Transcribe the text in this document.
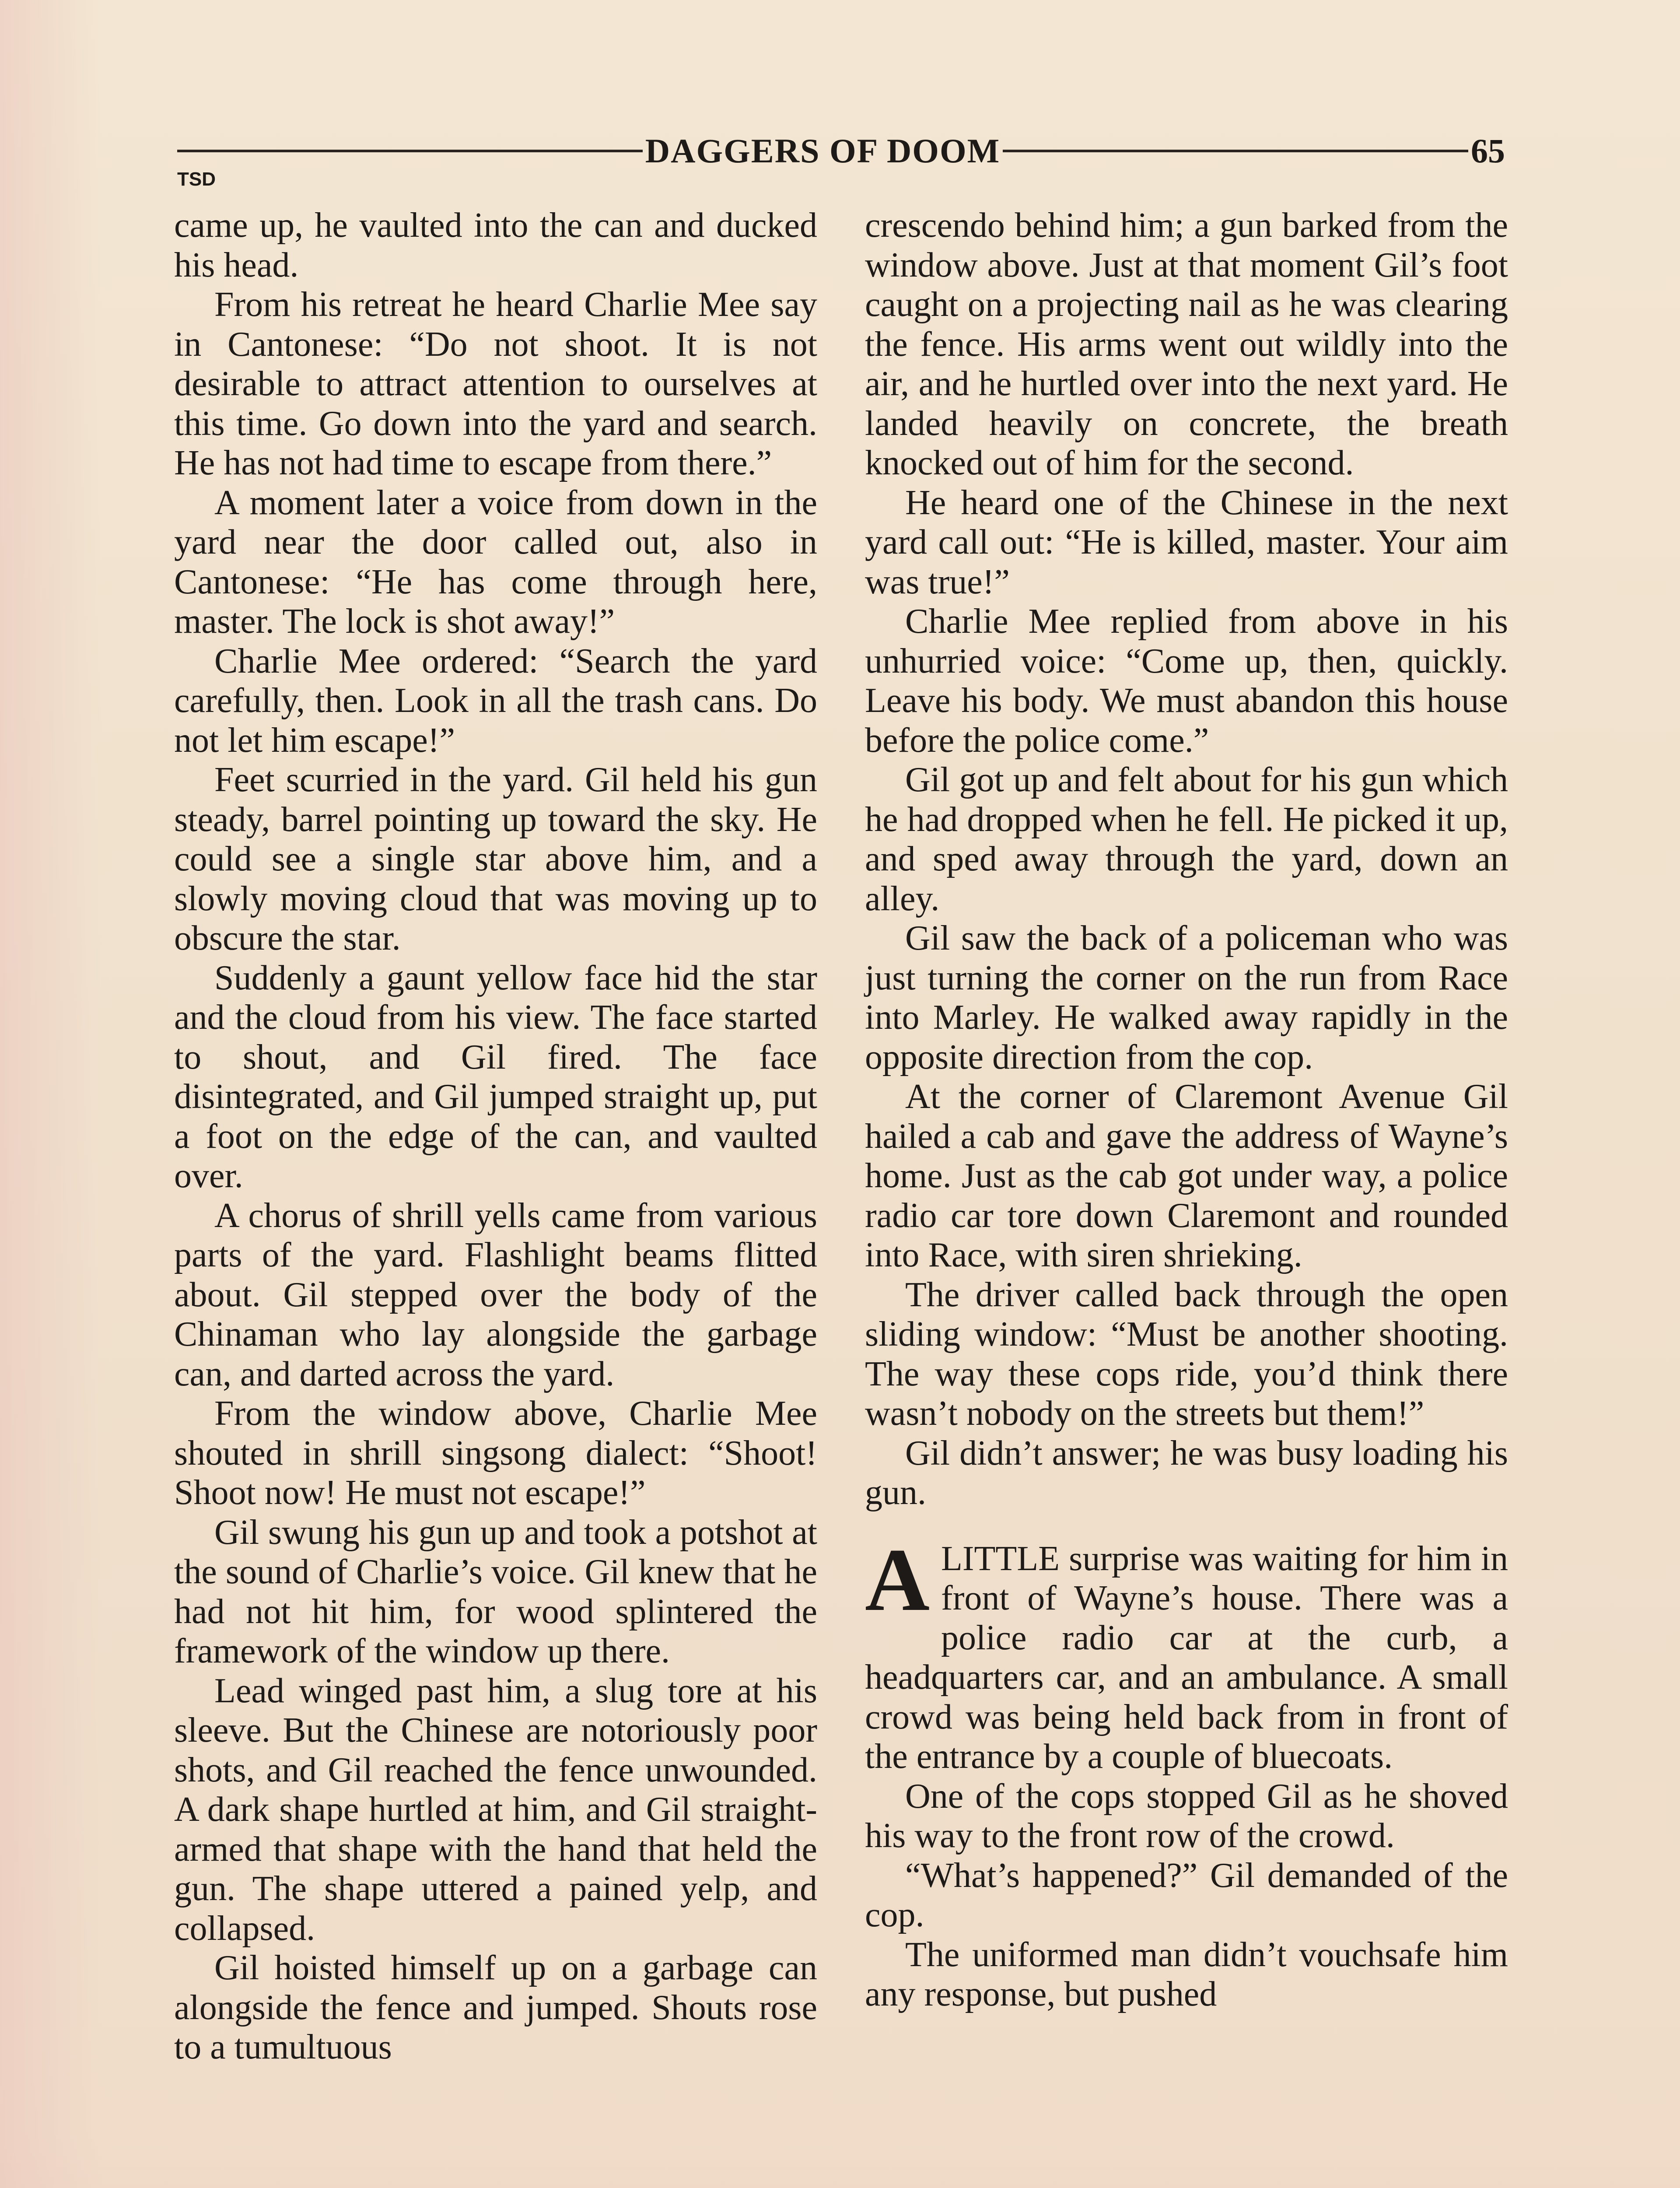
DAGGERS OF DOOM	65
TSD

came up, he vaulted into the can and ducked his head.

From his retreat he heard Charlie Mee say in Cantonese: “Do not shoot. It is not desirable to attract attention to ourselves at this time. Go down into the yard and search. He has not had time to escape from there.”

A moment later a voice from down in the yard near the door called out, also in Cantonese: “He has come through here, master. The lock is shot away!”

Charlie Mee ordered: “Search the yard carefully, then. Look in all the trash cans. Do not let him escape!”

Feet scurried in the yard. Gil held his gun steady, barrel pointing up toward the sky. He could see a single star above him, and a slowly moving cloud that was moving up to obscure the star.

Suddenly a gaunt yellow face hid the star and the cloud from his view. The face started to shout, and Gil fired. The face disintegrated, and Gil jumped straight up, put a foot on the edge of the can, and vaulted over.

A chorus of shrill yells came from various parts of the yard. Flashlight beams flitted about. Gil stepped over the body of the Chinaman who lay alongside the garbage can, and darted across the yard.

From the window above, Charlie Mee shouted in shrill singsong dialect: “Shoot! Shoot now! He must not escape!”

Gil swung his gun up and took a potshot at the sound of Charlie’s voice. Gil knew that he had not hit him, for wood splintered the framework of the window up there.

Lead winged past him, a slug tore at his sleeve. But the Chinese are notoriously poor shots, and Gil reached the fence unwounded. A dark shape hurtled at him, and Gil straight-armed that shape with the hand that held the gun. The shape uttered a pained yelp, and collapsed.

Gil hoisted himself up on a garbage can alongside the fence and jumped. Shouts rose to a tumultuous

crescendo behind him; a gun barked from the window above. Just at that moment Gil’s foot caught on a projecting nail as he was clearing the fence. His arms went out wildly into the air, and he hurtled over into the next yard. He landed heavily on concrete, the breath knocked out of him for the second.

He heard one of the Chinese in the next yard call out: “He is killed, master. Your aim was true!”

Charlie Mee replied from above in his unhurried voice: “Come up, then, quickly. Leave his body. We must abandon this house before the police come.”

Gil got up and felt about for his gun which he had dropped when he fell. He picked it up, and sped away through the yard, down an alley.

Gil saw the back of a policeman who was just turning the corner on the run from Race into Marley. He walked away rapidly in the opposite direction from the cop.

At the corner of Claremont Avenue Gil hailed a cab and gave the address of Wayne’s home. Just as the cab got under way, a police radio car tore down Claremont and rounded into Race, with siren shrieking.

The driver called back through the open sliding window: “Must be another shooting. The way these cops ride, you’d think there wasn’t nobody on the streets but them!”

Gil didn’t answer; he was busy loading his gun.

ALITTLE surprise was waiting for him in front of Wayne’s house. There was a police radio car at the curb, a headquarters car, and an ambulance. A small crowd was being held back from in front of the entrance by a couple of bluecoats.

One of the cops stopped Gil as he shoved his way to the front row of the crowd.

“What’s happened?” Gil demanded of the cop.

The uniformed man didn’t vouchsafe him any response, but pushed
